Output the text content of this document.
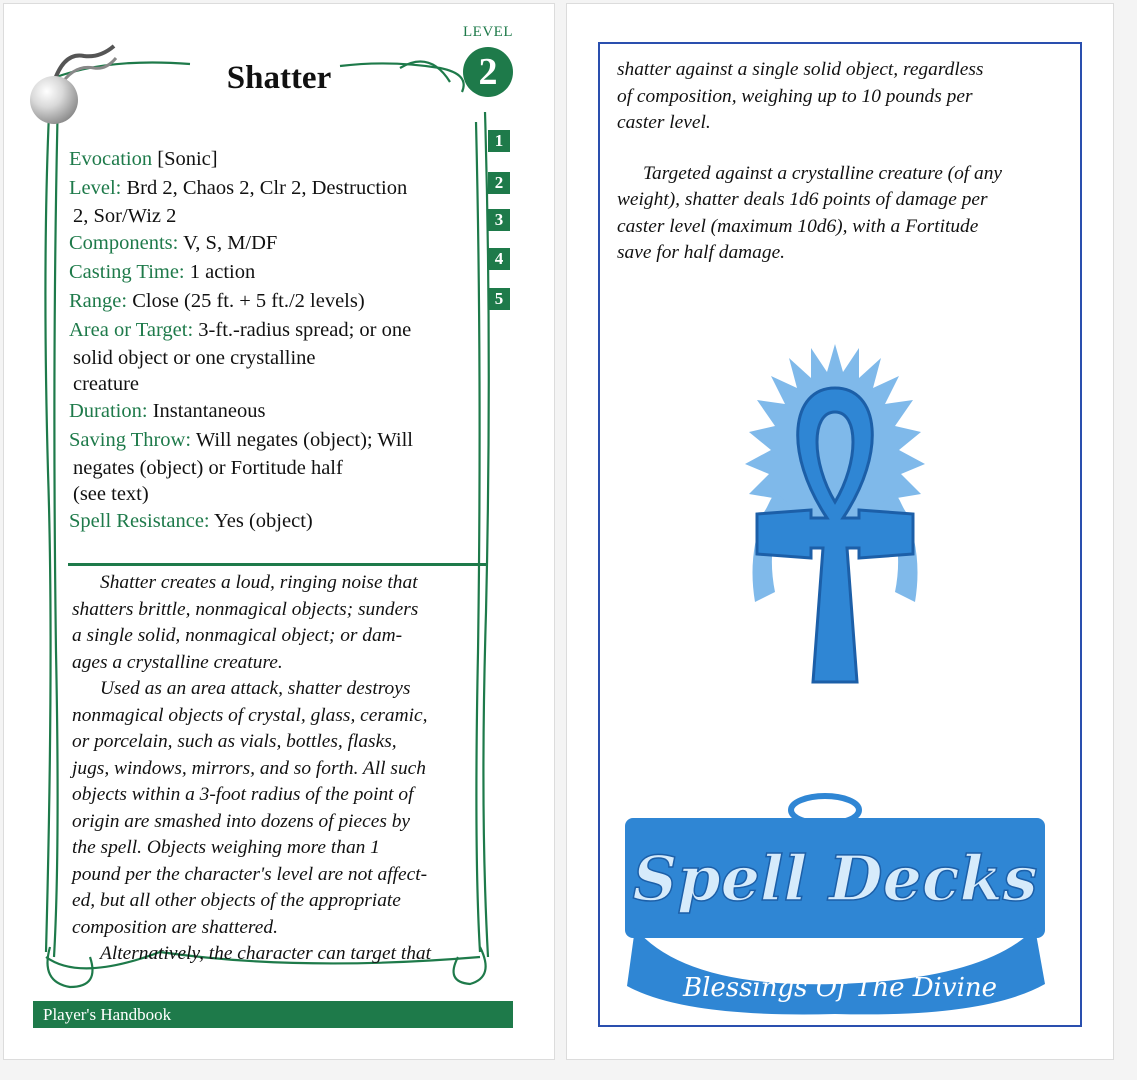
LEVEL
2
Shatter
1
2
3
4
5
Evocation [Sonic]
Level: Brd 2, Chaos 2, Clr 2, Destruction
2, Sor/Wiz 2
Components: V, S, M/DF
Casting Time: 1 action
Range: Close (25 ft. + 5 ft./2 levels)
Area or Target: 3-ft.-radius spread; or one
solid object or one crystalline
creature
Duration: Instantaneous
Saving Throw: Will negates (object); Will
negates (object) or Fortitude half
(see text)
Spell Resistance: Yes (object)

Shatter creates a loud, ringing noise that
shatters brittle, nonmagical objects; sunders
a single solid, nonmagical object; or dam-
ages a crystalline creature.

Used as an area attack, shatter destroys
nonmagical objects of crystal, glass, ceramic,
or porcelain, such as vials, bottles, flasks,
jugs, windows, mirrors, and so forth. All such
objects within a 3-foot radius of the point of
origin are smashed into dozens of pieces by
the spell. Objects weighing more than 1
pound per the character's level are not affect-
ed, but all other objects of the appropriate
composition are shattered.

Alternatively, the character can target that

Player's Handbook

shatter against a single solid object, regardless
of composition, weighing up to 10 pounds per
caster level.

Targeted against a crystalline creature (of any
weight), shatter deals 1d6 points of damage per
caster level (maximum 10d6), with a Fortitude
save for half damage.

Spell Decks
Blessings Of The Divine
